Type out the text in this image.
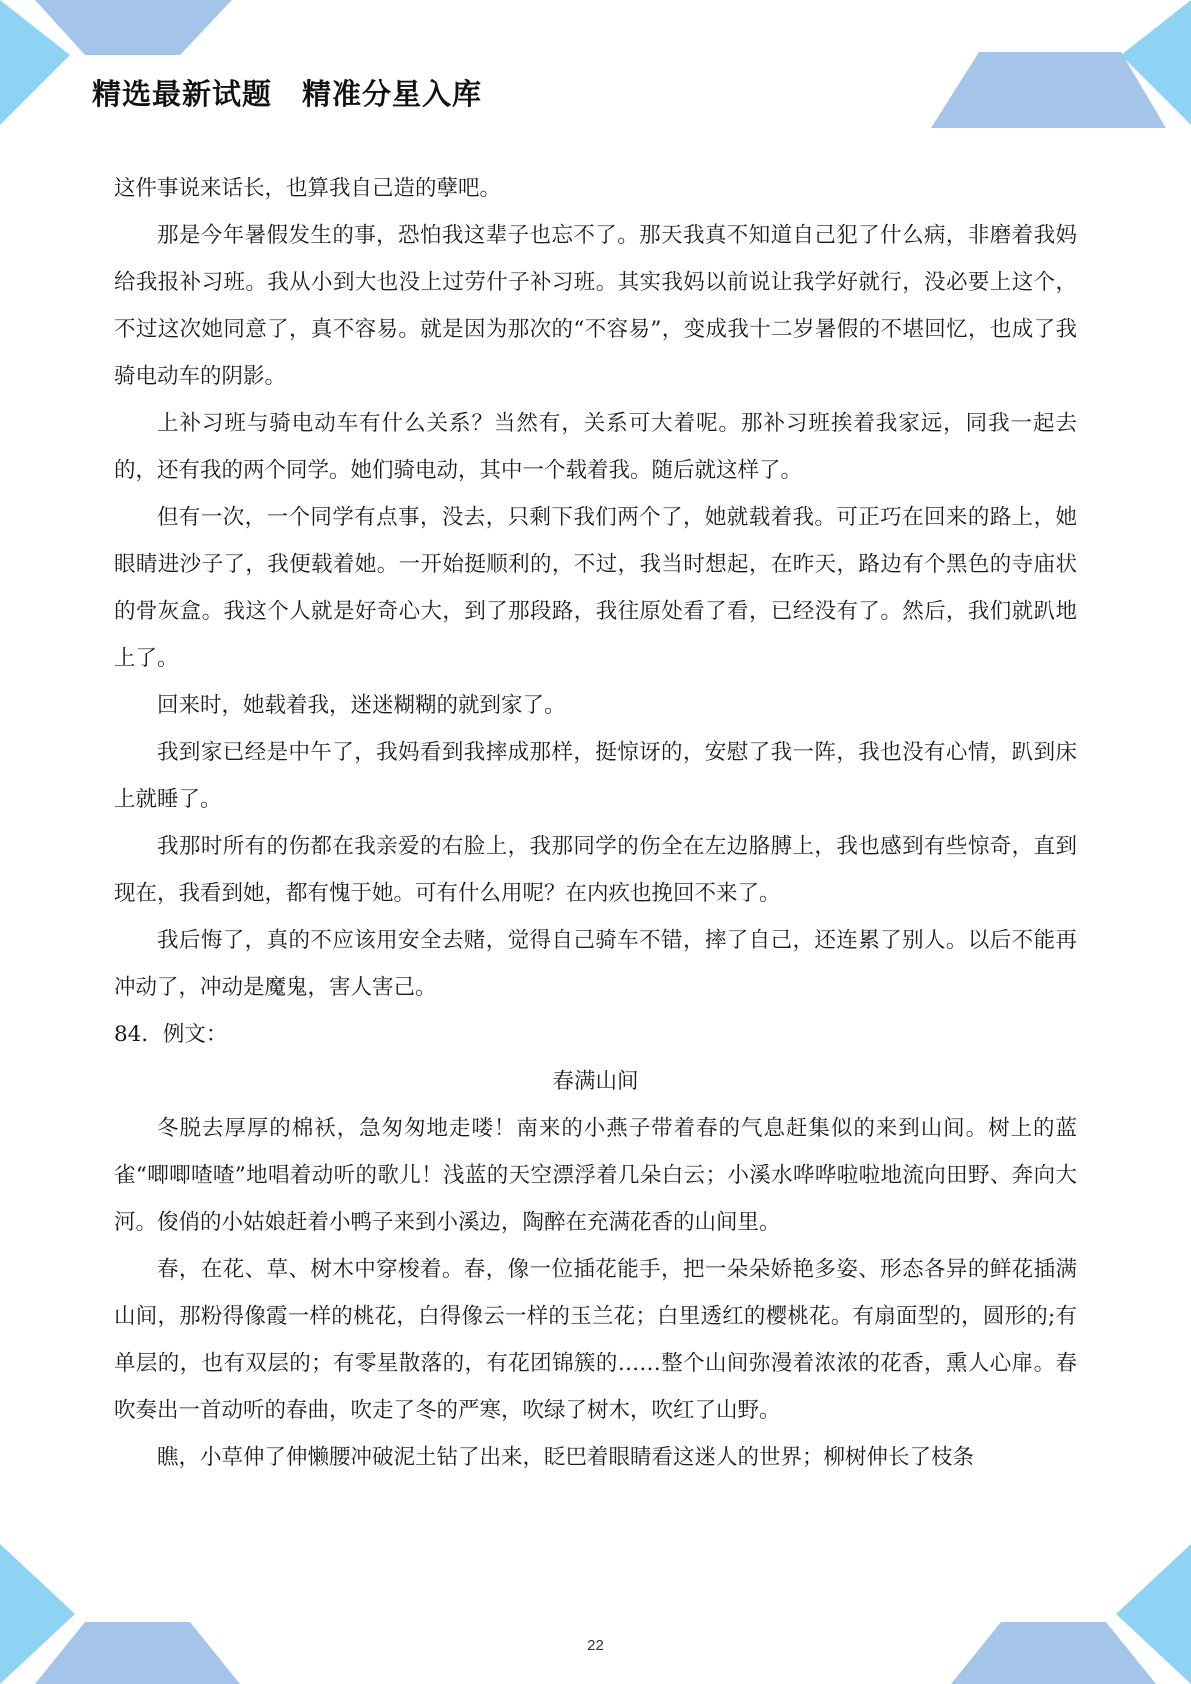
精选最新试题　精准分星入库

这件事说来话长，也算我自己造的孽吧。

那是今年暑假发生的事，恐怕我这辈子也忘不了。那天我真不知道自己犯了什么病，非磨着我妈给我报补习班。我从小到大也没上过劳什子补习班。其实我妈以前说让我学好就行，没必要上这个，不过这次她同意了，真不容易。就是因为那次的“不容易”，变成我十二岁暑假的不堪回忆，也成了我骑电动车的阴影。

上补习班与骑电动车有什么关系？当然有，关系可大着呢。那补习班挨着我家远，同我一起去的，还有我的两个同学。她们骑电动，其中一个载着我。随后就这样了。

但有一次，一个同学有点事，没去，只剩下我们两个了，她就载着我。可正巧在回来的路上，她眼睛进沙子了，我便载着她。一开始挺顺利的，不过，我当时想起，在昨天，路边有个黑色的寺庙状的骨灰盒。我这个人就是好奇心大，到了那段路，我往原处看了看，已经没有了。然后，我们就趴地上了。

回来时，她载着我，迷迷糊糊的就到家了。

我到家已经是中午了，我妈看到我摔成那样，挺惊讶的，安慰了我一阵，我也没有心情，趴到床上就睡了。

我那时所有的伤都在我亲爱的右脸上，我那同学的伤全在左边胳膊上，我也感到有些惊奇，直到现在，我看到她，都有愧于她。可有什么用呢？在内疚也挽回不来了。

我后悔了，真的不应该用安全去赌，觉得自己骑车不错，摔了自己，还连累了别人。以后不能再冲动了，冲动是魔鬼，害人害己。

84．例文：

春满山间

冬脱去厚厚的棉袄，急匆匆地走喽！南来的小燕子带着春的气息赶集似的来到山间。树上的蓝雀“唧唧喳喳”地唱着动听的歌儿！浅蓝的天空漂浮着几朵白云；小溪水哗哗啦啦地流向田野、奔向大河。俊俏的小姑娘赶着小鸭子来到小溪边，陶醉在充满花香的山间里。

春，在花、草、树木中穿梭着。春，像一位插花能手，把一朵朵娇艳多姿、形态各异的鲜花插满山间，那粉得像霞一样的桃花，白得像云一样的玉兰花；白里透红的樱桃花。有扇面型的，圆形的;有单层的，也有双层的；有零星散落的，有花团锦簇的……整个山间弥漫着浓浓的花香，熏人心扉。春吹奏出一首动听的春曲，吹走了冬的严寒，吹绿了树木，吹红了山野。

瞧，小草伸了伸懒腰冲破泥土钻了出来，眨巴着眼睛看这迷人的世界；柳树伸长了枝条

22
